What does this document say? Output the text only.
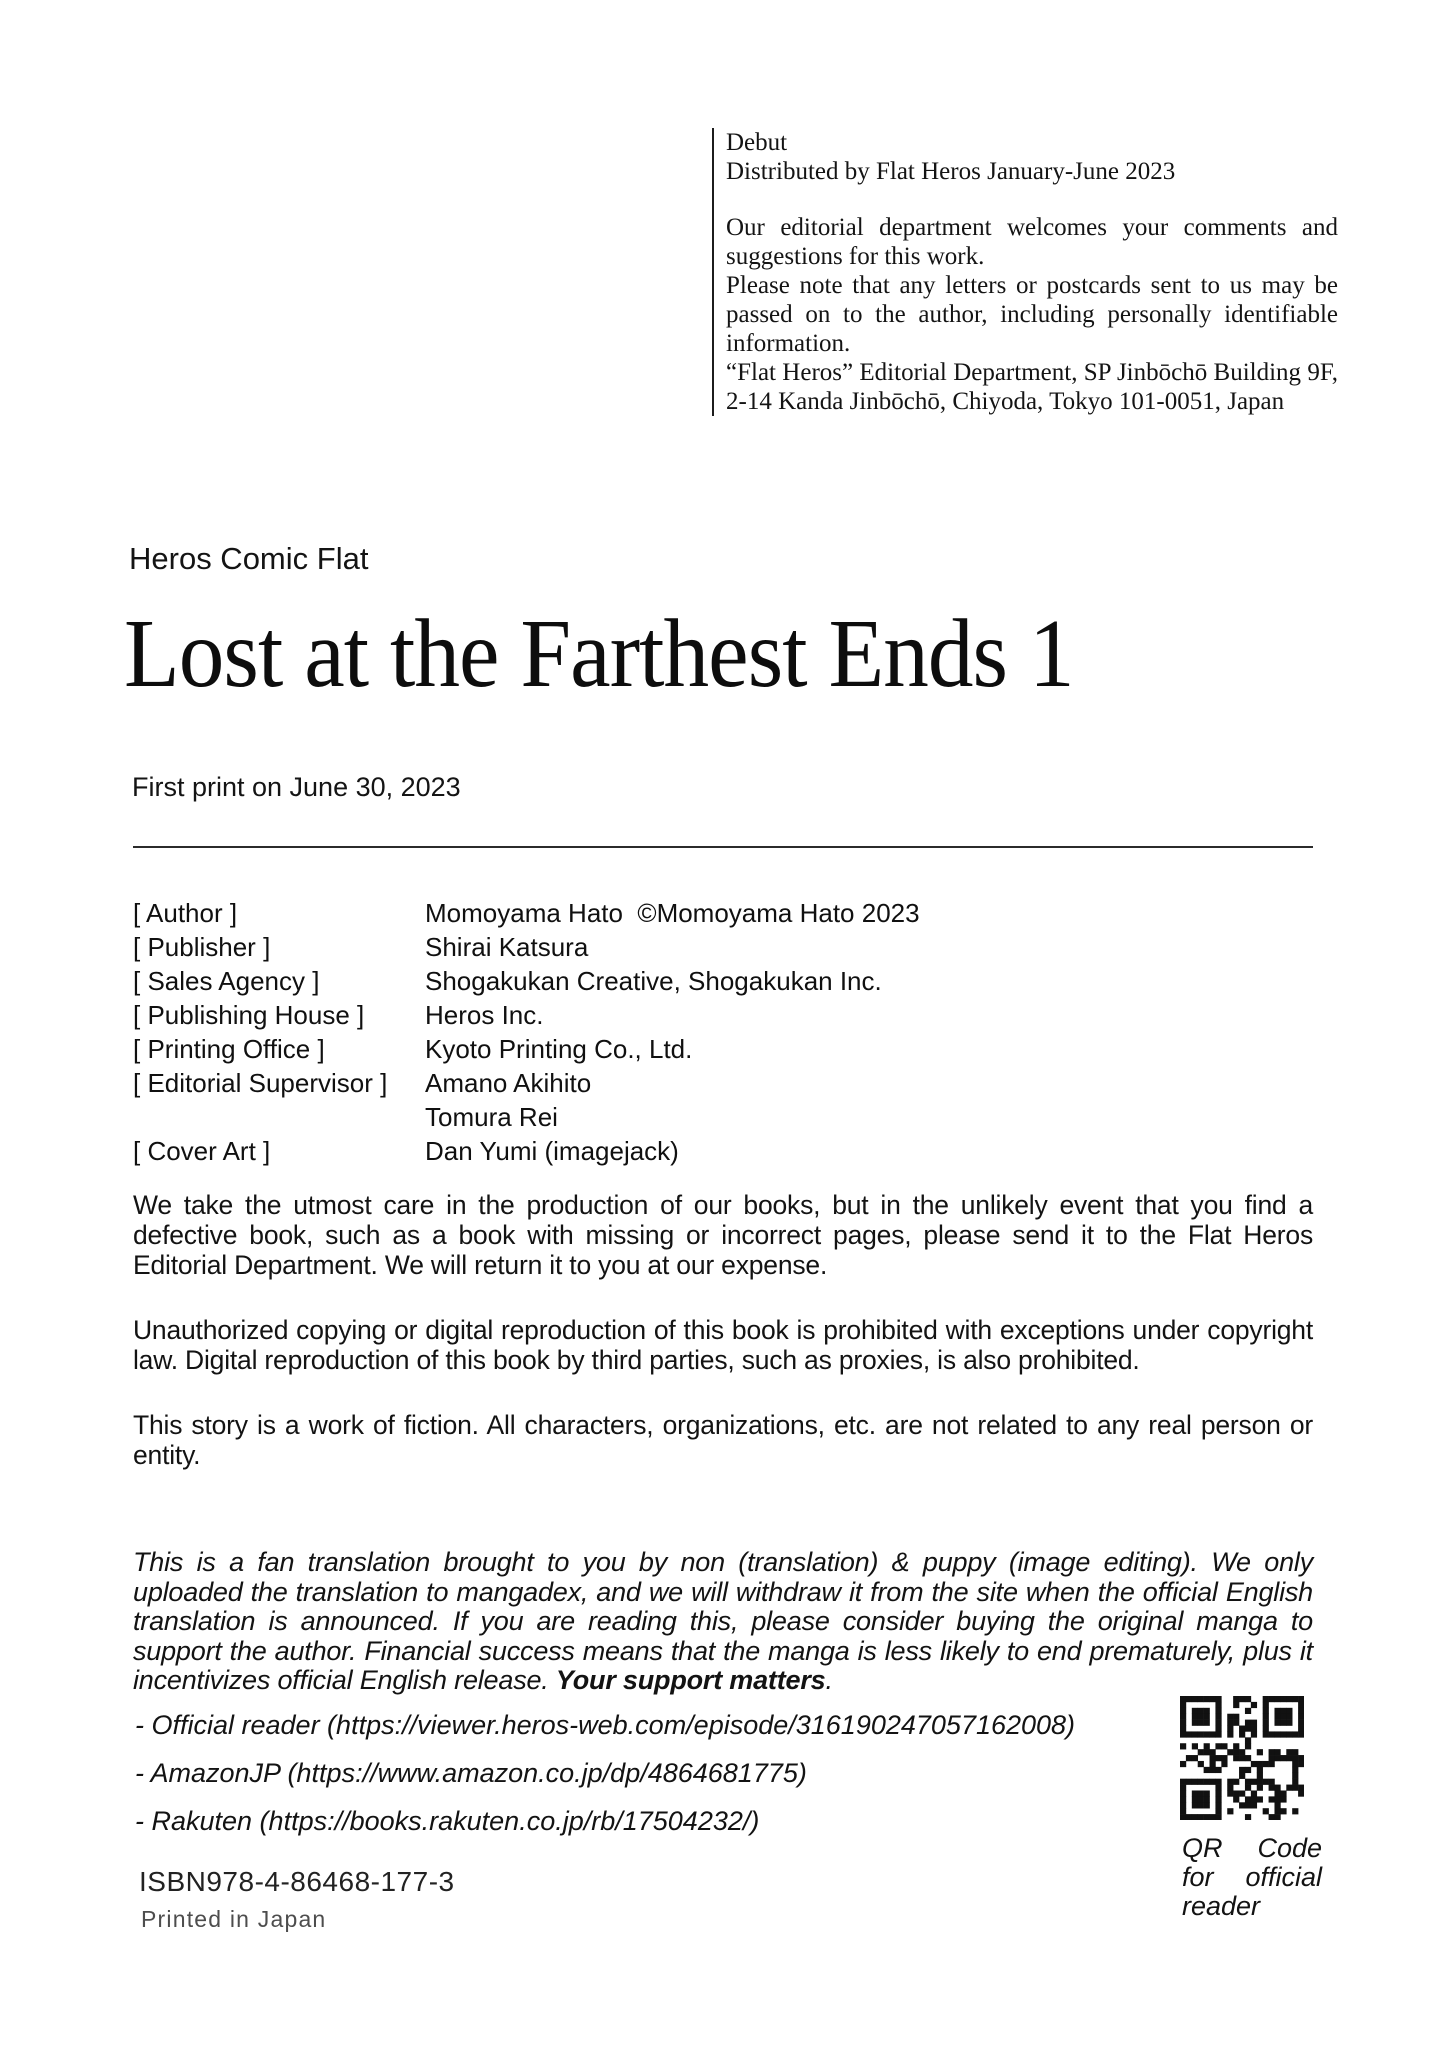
Debut

Distributed by Flat Heros January-June 2023

Our editorial department welcomes your comments and suggestions for this work.

Please note that any letters or postcards sent to us may be passed on to the author, including personally identifiable information.

“Flat Heros” Editorial Department, SP Jinbōchō Building 9F, 2-14 Kanda Jinbōchō, Chiyoda, Tokyo 101-0051, Japan

Heros Comic Flat
Lost at the Farthest Ends 1
First print on June 30, 2023
[ Author ]	Momoyama Hato  ©Momoyama Hato 2023
[ Publisher ]	Shirai Katsura
[ Sales Agency ]	Shogakukan Creative, Shogakukan Inc.
[ Publishing House ]	Heros Inc.
[ Printing Office ]	Kyoto Printing Co., Ltd.
[ Editorial Supervisor ]	Amano Akihito
Tomura Rei
[ Cover Art ]	Dan Yumi (imagejack)

We take the utmost care in the production of our books, but in the unlikely event that you find a defective book, such as a book with missing or incorrect pages, please send it to the Flat Heros Editorial Department. We will return it to you at our expense.

Unauthorized copying or digital reproduction of this book is prohibited with exceptions under copyright law. Digital reproduction of this book by third parties, such as proxies, is also prohibited.

This story is a work of fiction. All characters, organizations, etc. are not related to any real person or entity.

This is a fan translation brought to you by non (translation) & puppy (image editing). We only uploaded the translation to mangadex, and we will withdraw it from the site when the official English translation is announced. If you are reading this, please consider buying the original manga to support the author. Financial success means that the manga is less likely to end prematurely, plus it incentivizes official English release. Your support matters.

- Official reader (https://viewer.heros-web.com/episode/316190247057162008)

- AmazonJP (https://www.amazon.co.jp/dp/4864681775)

- Rakuten (https://books.rakuten.co.jp/rb/17504232/)

ISBN978-4-86468-177-3
Printed in Japan
QR Code for official reader
